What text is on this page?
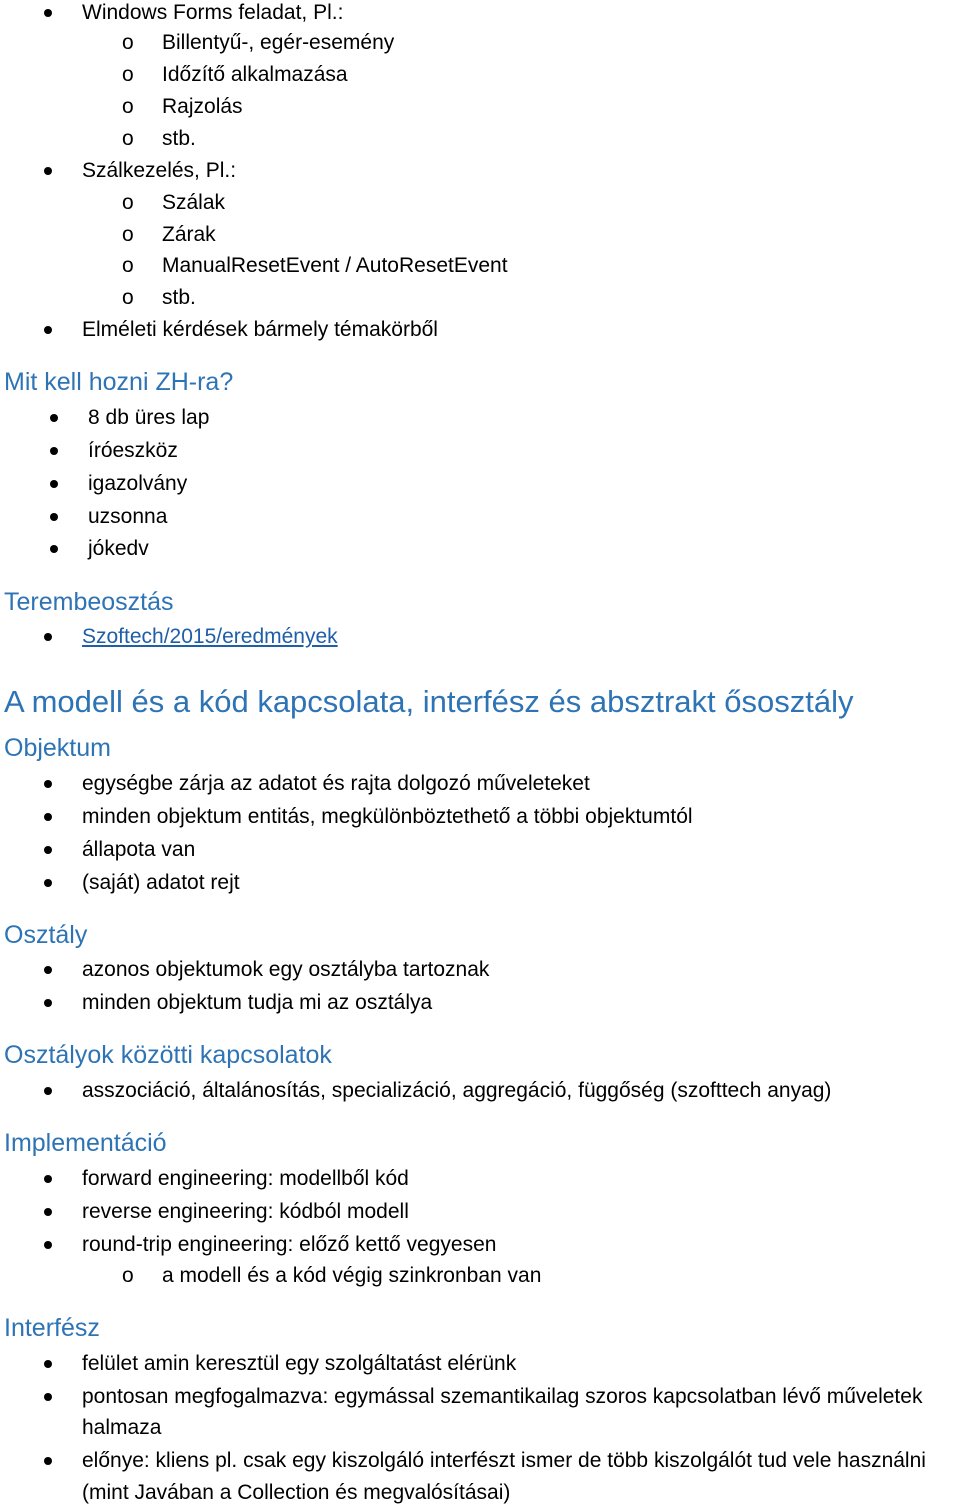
Windows Forms feladat, Pl.:
o Billentyű-, egér-esemény
o Időzítő alkalmazása
o Rajzolás
o stb.
Szálkezelés, Pl.:
o Szálak
o Zárak
o ManualResetEvent / AutoResetEvent
o stb.
Elméleti kérdések bármely témakörből
Mit kell hozni ZH-ra?
8 db üres lap
íróeszköz
igazolvány
uzsonna
jókedv
Terembeosztás
Szoftech/2015/eredmények
A modell és a kód kapcsolata, interfész és absztrakt ősosztály
Objektum
egységbe zárja az adatot és rajta dolgozó műveleteket
minden objektum entitás, megkülönböztethető a többi objektumtól
állapota van
(saját) adatot rejt
Osztály
azonos objektumok egy osztályba tartoznak
minden objektum tudja mi az osztálya
Osztályok közötti kapcsolatok
asszociáció, általánosítás, specializáció, aggregáció, függőség (szofttech anyag)
Implementáció
forward engineering: modellből kód
reverse engineering: kódból modell
round-trip engineering: előző kettő vegyesen
o a modell és a kód végig szinkronban van
Interfész
felület amin keresztül egy szolgáltatást elérünk
pontosan megfogalmazva: egymással szemantikailag szoros kapcsolatban lévő műveletek
halmaza
előnye: kliens pl. csak egy kiszolgáló interfészt ismer de több kiszolgálót tud vele használni
(mint Javában a Collection és megvalósításai)
